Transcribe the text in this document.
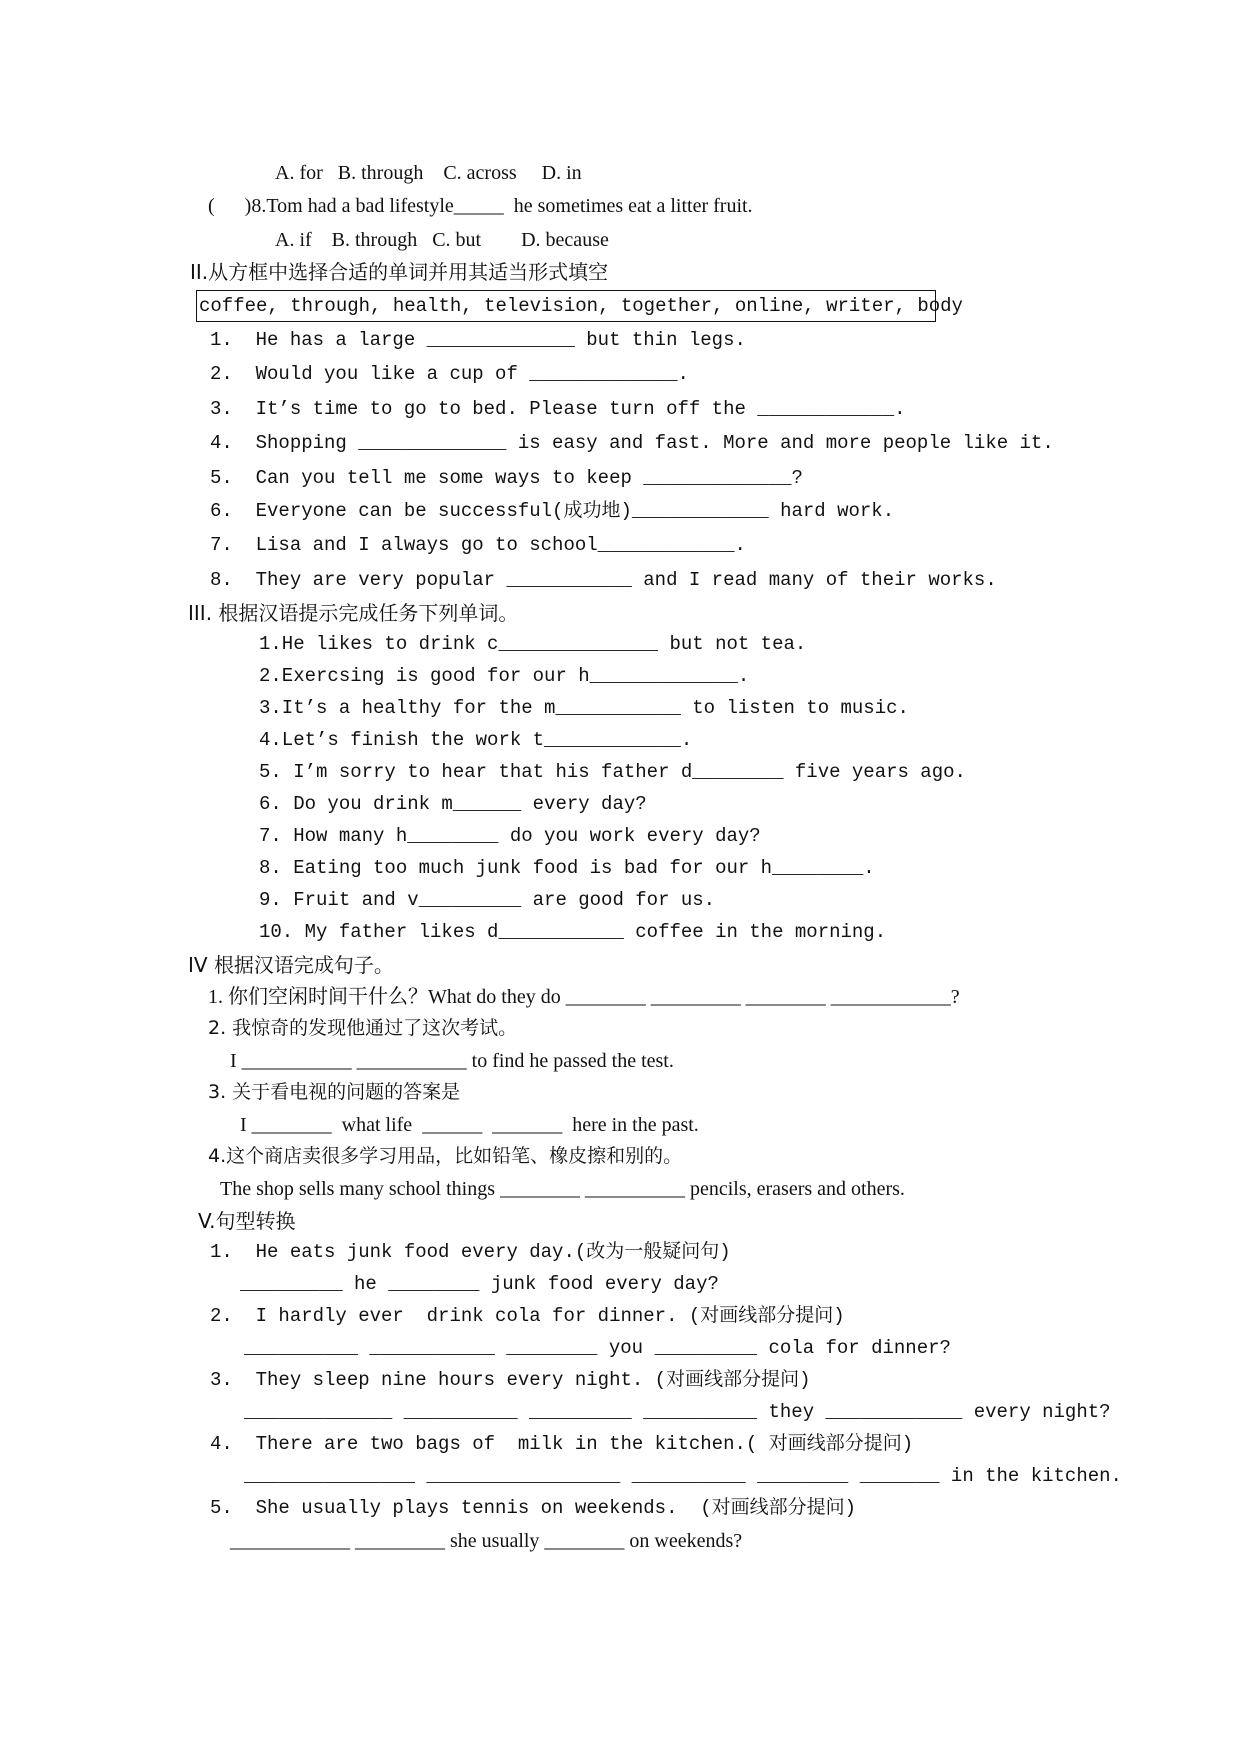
A. for   B. through    C. across     D. in
(      )8.Tom had a bad lifestyle_____  he sometimes eat a litter fruit.
A. if    B. through   C. but        D. because
II.从方框中选择合适的单词并用其适当形式填空
coffee, through, health, television, together, online, writer, body
1.  He has a large _____________ but thin legs.
2.  Would you like a cup of _____________.
3.  It’s time to go to bed. Please turn off the ____________.
4.  Shopping _____________ is easy and fast. More and more people like it.
5.  Can you tell me some ways to keep _____________?
6.  Everyone can be successful(成功地)____________ hard work.
7.  Lisa and I always go to school____________.
8.  They are very popular ___________ and I read many of their works.
III. 根据汉语提示完成任务下列单词。
1.He likes to drink c______________ but not tea.
2.Exercsing is good for our h_____________.
3.It’s a healthy for the m___________ to listen to music.
4.Let’s finish the work t____________.
5. I’m sorry to hear that his father d________ five years ago.
6. Do you drink m______ every day?
7. How many h________ do you work every day?
8. Eating too much junk food is bad for our h________.
9. Fruit and v_________ are good for us.
10. My father likes d___________ coffee in the morning.
IV 根据汉语完成句子。
1. 你们空闲时间干什么？What do they do ________ _________ ________ ____________?
2. 我惊奇的发现他通过了这次考试。
I ___________ ___________ to find he passed the test.
3. 关于看电视的问题的答案是
I ________  what life  ______  _______  here in the past.
4.这个商店卖很多学习用品，比如铅笔、橡皮擦和别的。
The shop sells many school things ________ __________ pencils, erasers and others.
V.句型转换
1.  He eats junk food every day.(改为一般疑问句)
_________ he ________ junk food every day?
2.  I hardly ever  drink cola for dinner. (对画线部分提问)
__________ ___________ ________ you _________ cola for dinner?
3.  They sleep nine hours every night. (对画线部分提问)
_____________ __________ _________ __________ they ____________ every night?
4.  There are two bags of  milk in the kitchen.( 对画线部分提问)
_______________ _________________ __________ ________ _______ in the kitchen.
5.  She usually plays tennis on weekends.  (对画线部分提问)
____________ _________ she usually ________ on weekends?
